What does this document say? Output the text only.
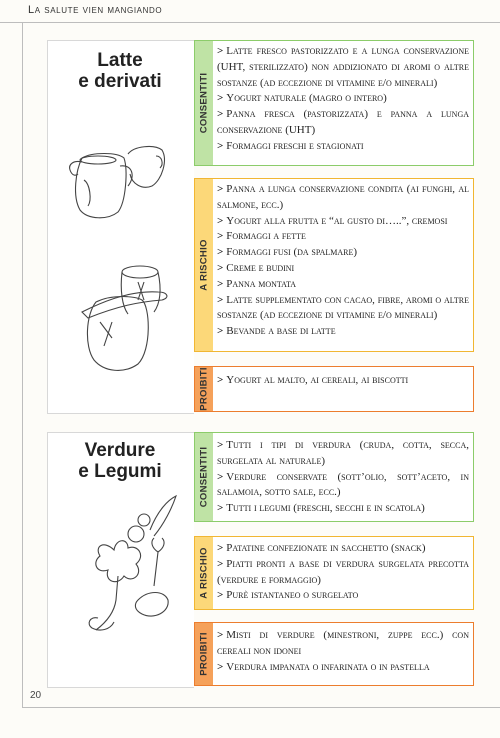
La salute vien mangiando
20
Latte
e derivati	CONSENTITI
> Latte fresco pastorizzato e a lunga conservazione (UHT, sterilizzato) non addizionato di aromi o altre sostanze (ad eccezione di vitamine e/o minerali)
> Yogurt naturale (magro o intero)
> Panna fresca (pastorizzata) e panna a lunga conservazione (UHT)
> Formaggi freschi e stagionati
A RISCHIO
> Panna a lunga conservazione condita (ai funghi, al salmone, ecc.)
> Yogurt alla frutta e “al gusto di…..”, cremosi
> Formaggi a fette
> Formaggi fusi (da spalmare)
> Creme e budini
> Panna montata
> Latte supplementato con cacao, fibre, aromi o altre sostanze (ad eccezione di vitamine e/o minerali)
> Bevande a base di latte
PROIBITI > Yogurt al malto, ai cereali, ai biscotti
Verdure
e Legumi	CONSENTITI
> Tutti i tipi di verdura (cruda, cotta, secca, surgelata al naturale)
> Verdure conservate (sott’olio, sott’aceto, in salamoia, sotto sale, ecc.)
> Tutti i legumi (freschi, secchi e in scatola)
A RISCHIO > Patatine confezionate in sacchetto (snack)
> Piatti pronti a base di verdura surgelata precotta (verdure e formaggio)
> Purè istantaneo o surgelato
PROIBITI > Misti di verdure (minestroni, zuppe ecc.) con cereali non idonei
> Verdura impanata o infarinata o in pastella
